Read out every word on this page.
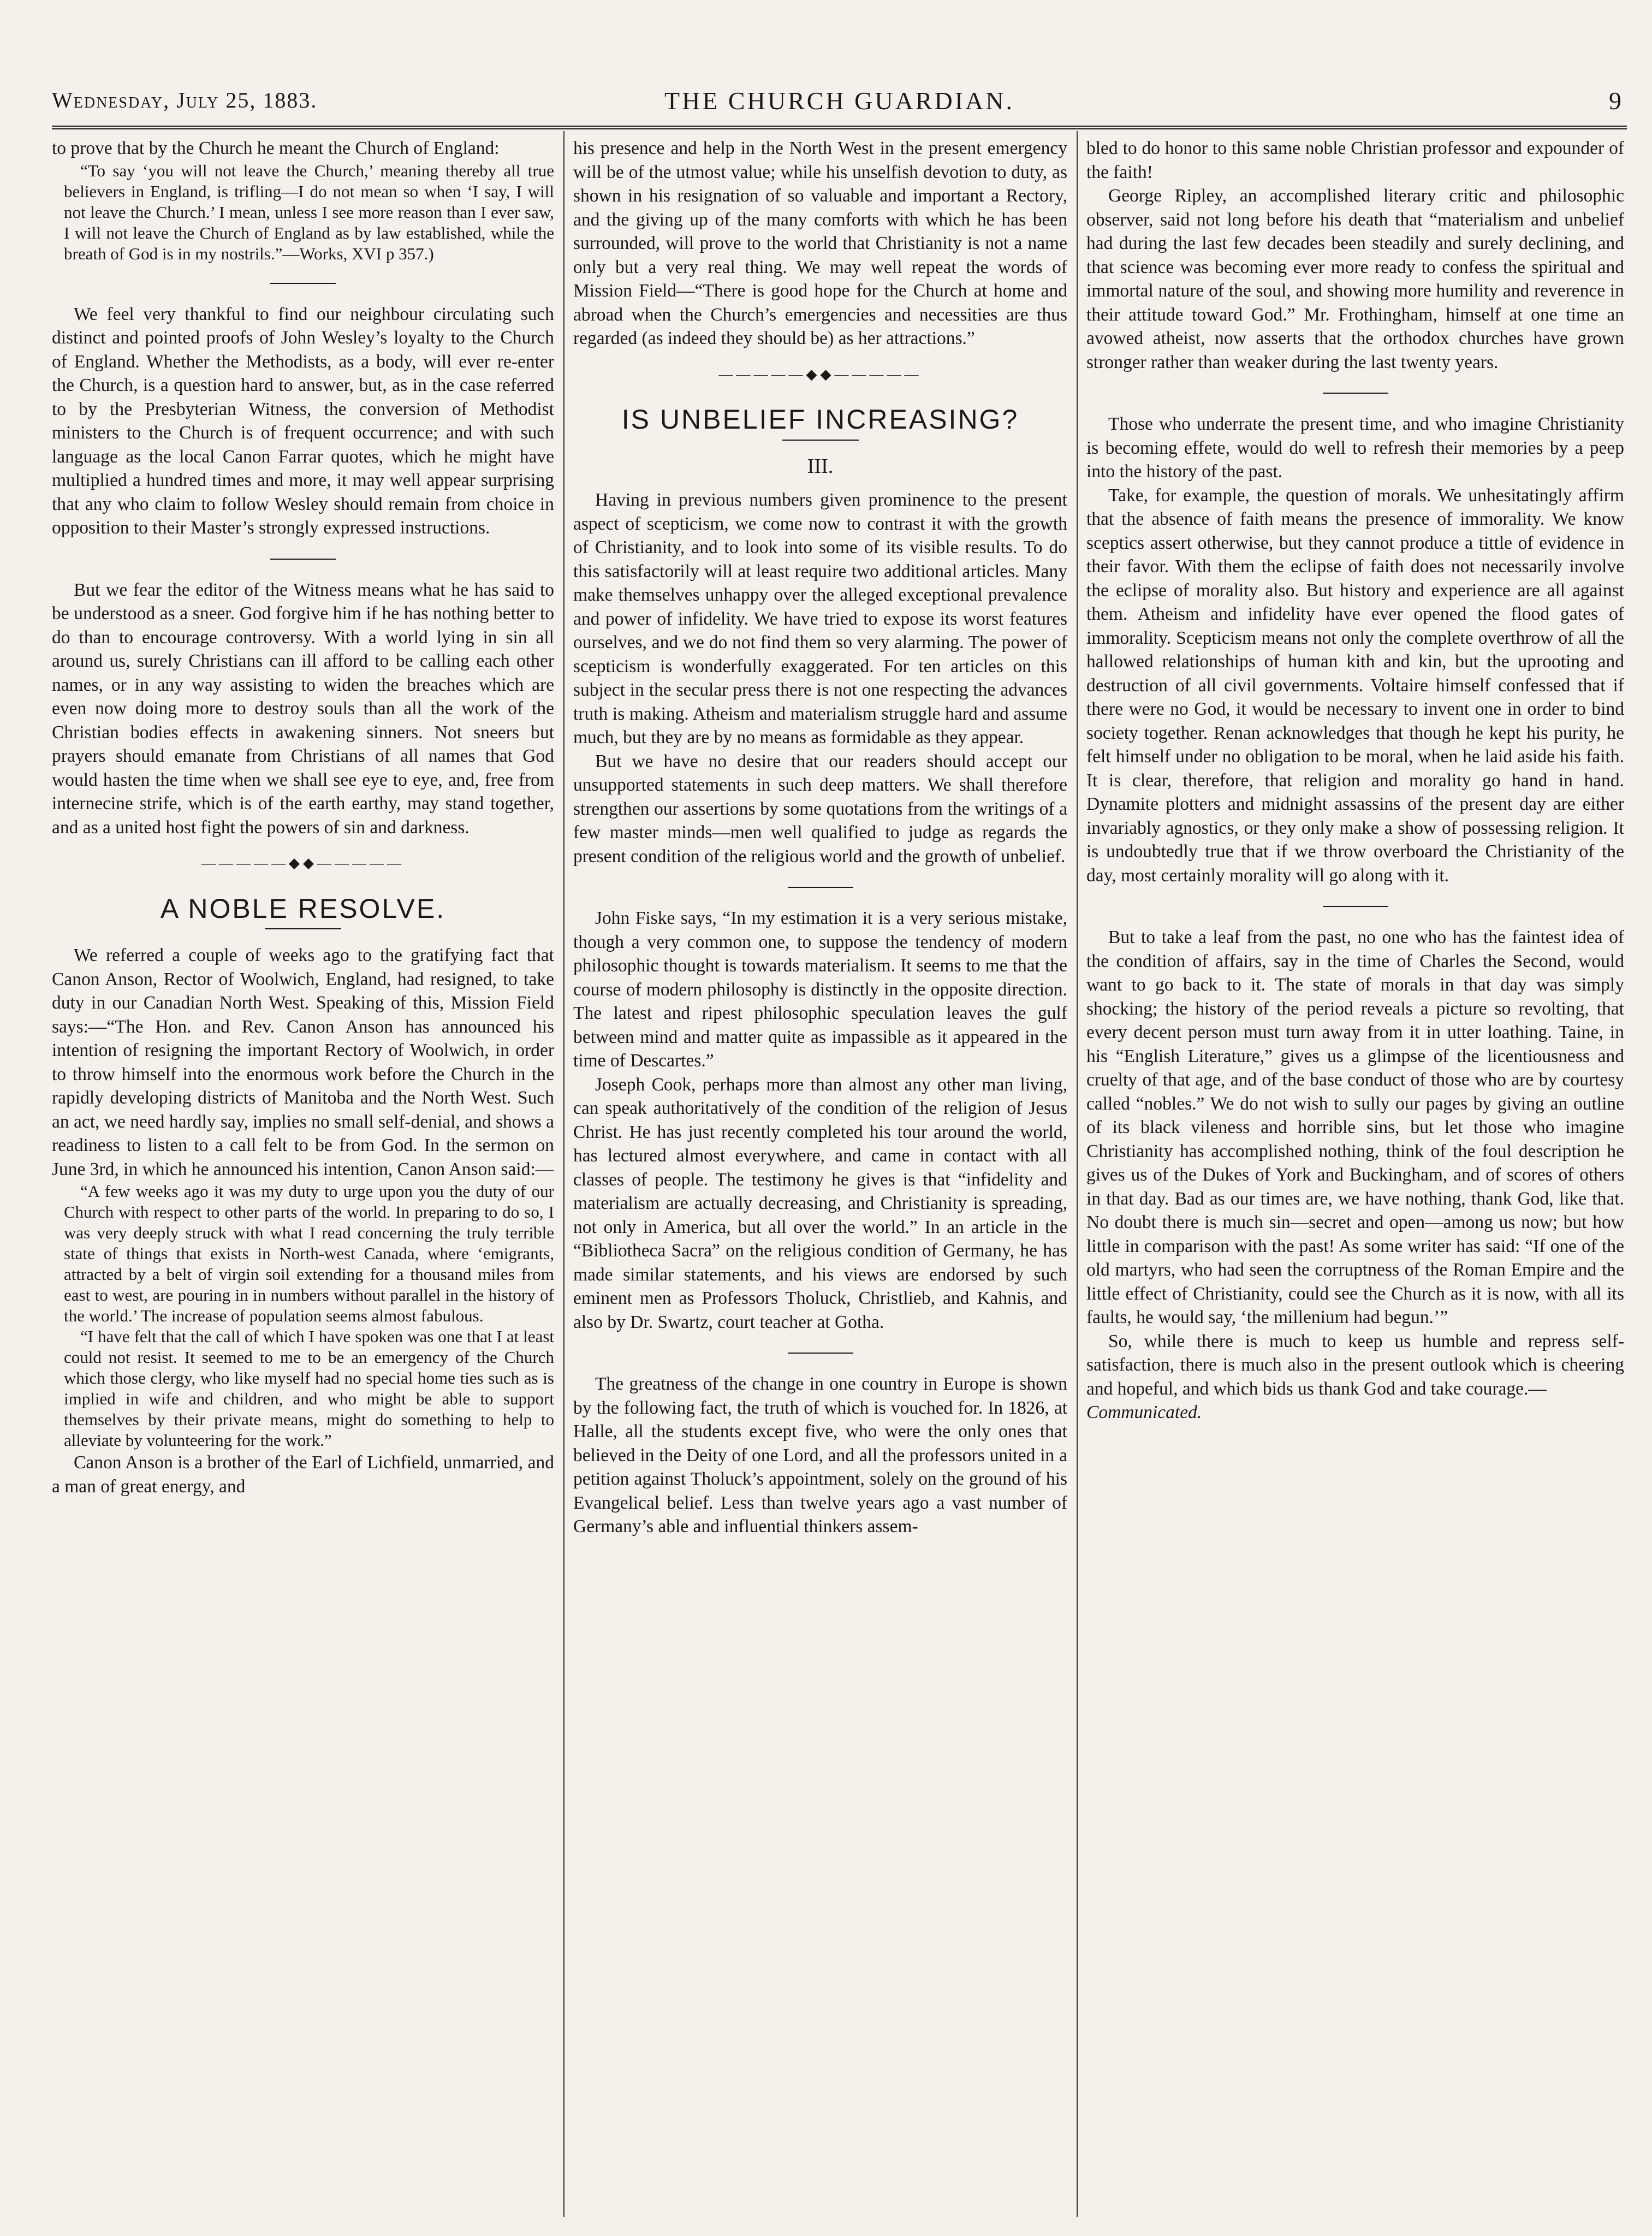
Wednesday, July 25, 1883.	THE CHURCH GUARDIAN.	9

to prove that by the Church he meant the Church of England:

“To say ‘you will not leave the Church,’ meaning thereby all true believers in England, is trifling—I do not mean so when ‘I say, I will not leave the Church.’ I mean, unless I see more reason than I ever saw, I will not leave the Church of England as by law established, while the breath of God is in my nostrils.”—Works, XVI p 357.)

We feel very thankful to find our neighbour circulating such distinct and pointed proofs of John Wesley’s loyalty to the Church of England. Whether the Methodists, as a body, will ever re-enter the Church, is a question hard to answer, but, as in the case referred to by the Presbyterian Witness, the conversion of Methodist ministers to the Church is of frequent occurrence; and with such language as the local Canon Farrar quotes, which he might have multiplied a hundred times and more, it may well appear surprising that any who claim to follow Wesley should remain from choice in opposition to their Master’s strongly expressed instructions.

But we fear the editor of the Witness means what he has said to be understood as a sneer. God forgive him if he has nothing better to do than to encourage controversy. With a world lying in sin all around us, surely Christians can ill afford to be calling each other names, or in any way assisting to widen the breaches which are even now doing more to destroy souls than all the work of the Christian bodies effects in awakening sinners. Not sneers but prayers should emanate from Christians of all names that God would hasten the time when we shall see eye to eye, and, free from internecine strife, which is of the earth earthy, may stand together, and as a united host fight the powers of sin and darkness.

—————◆◆—————
A NOBLE RESOLVE.

We referred a couple of weeks ago to the gratifying fact that Canon Anson, Rector of Woolwich, England, had resigned, to take duty in our Canadian North West. Speaking of this, Mission Field says:—“The Hon. and Rev. Canon Anson has announced his intention of resigning the important Rectory of Woolwich, in order to throw himself into the enormous work before the Church in the rapidly developing districts of Manitoba and the North West. Such an act, we need hardly say, implies no small self-denial, and shows a readiness to listen to a call felt to be from God. In the sermon on June 3rd, in which he announced his intention, Canon Anson said:—

“A few weeks ago it was my duty to urge upon you the duty of our Church with respect to other parts of the world. In preparing to do so, I was very deeply struck with what I read concerning the truly terrible state of things that exists in North-west Canada, where ‘emigrants, attracted by a belt of virgin soil extending for a thousand miles from east to west, are pouring in in numbers without parallel in the history of the world.’ The increase of population seems almost fabulous.

“I have felt that the call of which I have spoken was one that I at least could not resist. It seemed to me to be an emergency of the Church which those clergy, who like myself had no special home ties such as is implied in wife and children, and who might be able to support themselves by their private means, might do something to help to alleviate by volunteering for the work.”

Canon Anson is a brother of the Earl of Lichfield, unmarried, and a man of great energy, and

his presence and help in the North West in the present emergency will be of the utmost value; while his unselfish devotion to duty, as shown in his resignation of so valuable and important a Rectory, and the giving up of the many comforts with which he has been surrounded, will prove to the world that Christianity is not a name only but a very real thing. We may well repeat the words of Mission Field—“There is good hope for the Church at home and abroad when the Church’s emergencies and necessities are thus regarded (as indeed they should be) as her attractions.”

—————◆◆—————
IS UNBELIEF INCREASING?
III.

Having in previous numbers given prominence to the present aspect of scepticism, we come now to contrast it with the growth of Christianity, and to look into some of its visible results. To do this satisfactorily will at least require two additional articles. Many make themselves unhappy over the alleged exceptional prevalence and power of infidelity. We have tried to expose its worst features ourselves, and we do not find them so very alarming. The power of scepticism is wonderfully exaggerated. For ten articles on this subject in the secular press there is not one respecting the advances truth is making. Atheism and materialism struggle hard and assume much, but they are by no means as formidable as they appear.

But we have no desire that our readers should accept our unsupported statements in such deep matters. We shall therefore strengthen our assertions by some quotations from the writings of a few master minds—men well qualified to judge as regards the present condition of the religious world and the growth of unbelief.

John Fiske says, “In my estimation it is a very serious mistake, though a very common one, to suppose the tendency of modern philosophic thought is towards materialism. It seems to me that the course of modern philosophy is distinctly in the opposite direction. The latest and ripest philosophic speculation leaves the gulf between mind and matter quite as impassible as it appeared in the time of Descartes.”

Joseph Cook, perhaps more than almost any other man living, can speak authoritatively of the condition of the religion of Jesus Christ. He has just recently completed his tour around the world, has lectured almost everywhere, and came in contact with all classes of people. The testimony he gives is that “infidelity and materialism are actually decreasing, and Christianity is spreading, not only in America, but all over the world.” In an article in the “Bibliotheca Sacra” on the religious condition of Germany, he has made similar statements, and his views are endorsed by such eminent men as Professors Tholuck, Christlieb, and Kahnis, and also by Dr. Swartz, court teacher at Gotha.

The greatness of the change in one country in Europe is shown by the following fact, the truth of which is vouched for. In 1826, at Halle, all the students except five, who were the only ones that believed in the Deity of one Lord, and all the professors united in a petition against Tholuck’s appointment, solely on the ground of his Evangelical belief. Less than twelve years ago a vast number of Germany’s able and influential thinkers assem-

bled to do honor to this same noble Christian professor and expounder of the faith!

George Ripley, an accomplished literary critic and philosophic observer, said not long before his death that “materialism and unbelief had during the last few decades been steadily and surely declining, and that science was becoming ever more ready to confess the spiritual and immortal nature of the soul, and showing more humility and reverence in their attitude toward God.” Mr. Frothingham, himself at one time an avowed atheist, now asserts that the orthodox churches have grown stronger rather than weaker during the last twenty years.

Those who underrate the present time, and who imagine Christianity is becoming effete, would do well to refresh their memories by a peep into the history of the past.

Take, for example, the question of morals. We unhesitatingly affirm that the absence of faith means the presence of immorality. We know sceptics assert otherwise, but they cannot produce a tittle of evidence in their favor. With them the eclipse of faith does not necessarily involve the eclipse of morality also. But history and experience are all against them. Atheism and infidelity have ever opened the flood gates of immorality. Scepticism means not only the complete overthrow of all the hallowed relationships of human kith and kin, but the uprooting and destruction of all civil governments. Voltaire himself confessed that if there were no God, it would be necessary to invent one in order to bind society together. Renan acknowledges that though he kept his purity, he felt himself under no obligation to be moral, when he laid aside his faith. It is clear, therefore, that religion and morality go hand in hand. Dynamite plotters and midnight assassins of the present day are either invariably agnostics, or they only make a show of possessing religion. It is undoubtedly true that if we throw overboard the Christianity of the day, most certainly morality will go along with it.

But to take a leaf from the past, no one who has the faintest idea of the condition of affairs, say in the time of Charles the Second, would want to go back to it. The state of morals in that day was simply shocking; the history of the period reveals a picture so revolting, that every decent person must turn away from it in utter loathing. Taine, in his “English Literature,” gives us a glimpse of the licentiousness and cruelty of that age, and of the base conduct of those who are by courtesy called “nobles.” We do not wish to sully our pages by giving an outline of its black vileness and horrible sins, but let those who imagine Christianity has accomplished nothing, think of the foul description he gives us of the Dukes of York and Buckingham, and of scores of others in that day. Bad as our times are, we have nothing, thank God, like that. No doubt there is much sin—secret and open—among us now; but how little in comparison with the past! As some writer has said: “If one of the old martyrs, who had seen the corruptness of the Roman Empire and the little effect of Christianity, could see the Church as it is now, with all its faults, he would say, ‘the millenium had begun.’”

So, while there is much to keep us humble and repress self-satisfaction, there is much also in the present outlook which is cheering and hopeful, and which bids us thank God and take courage.—

Communicated.
